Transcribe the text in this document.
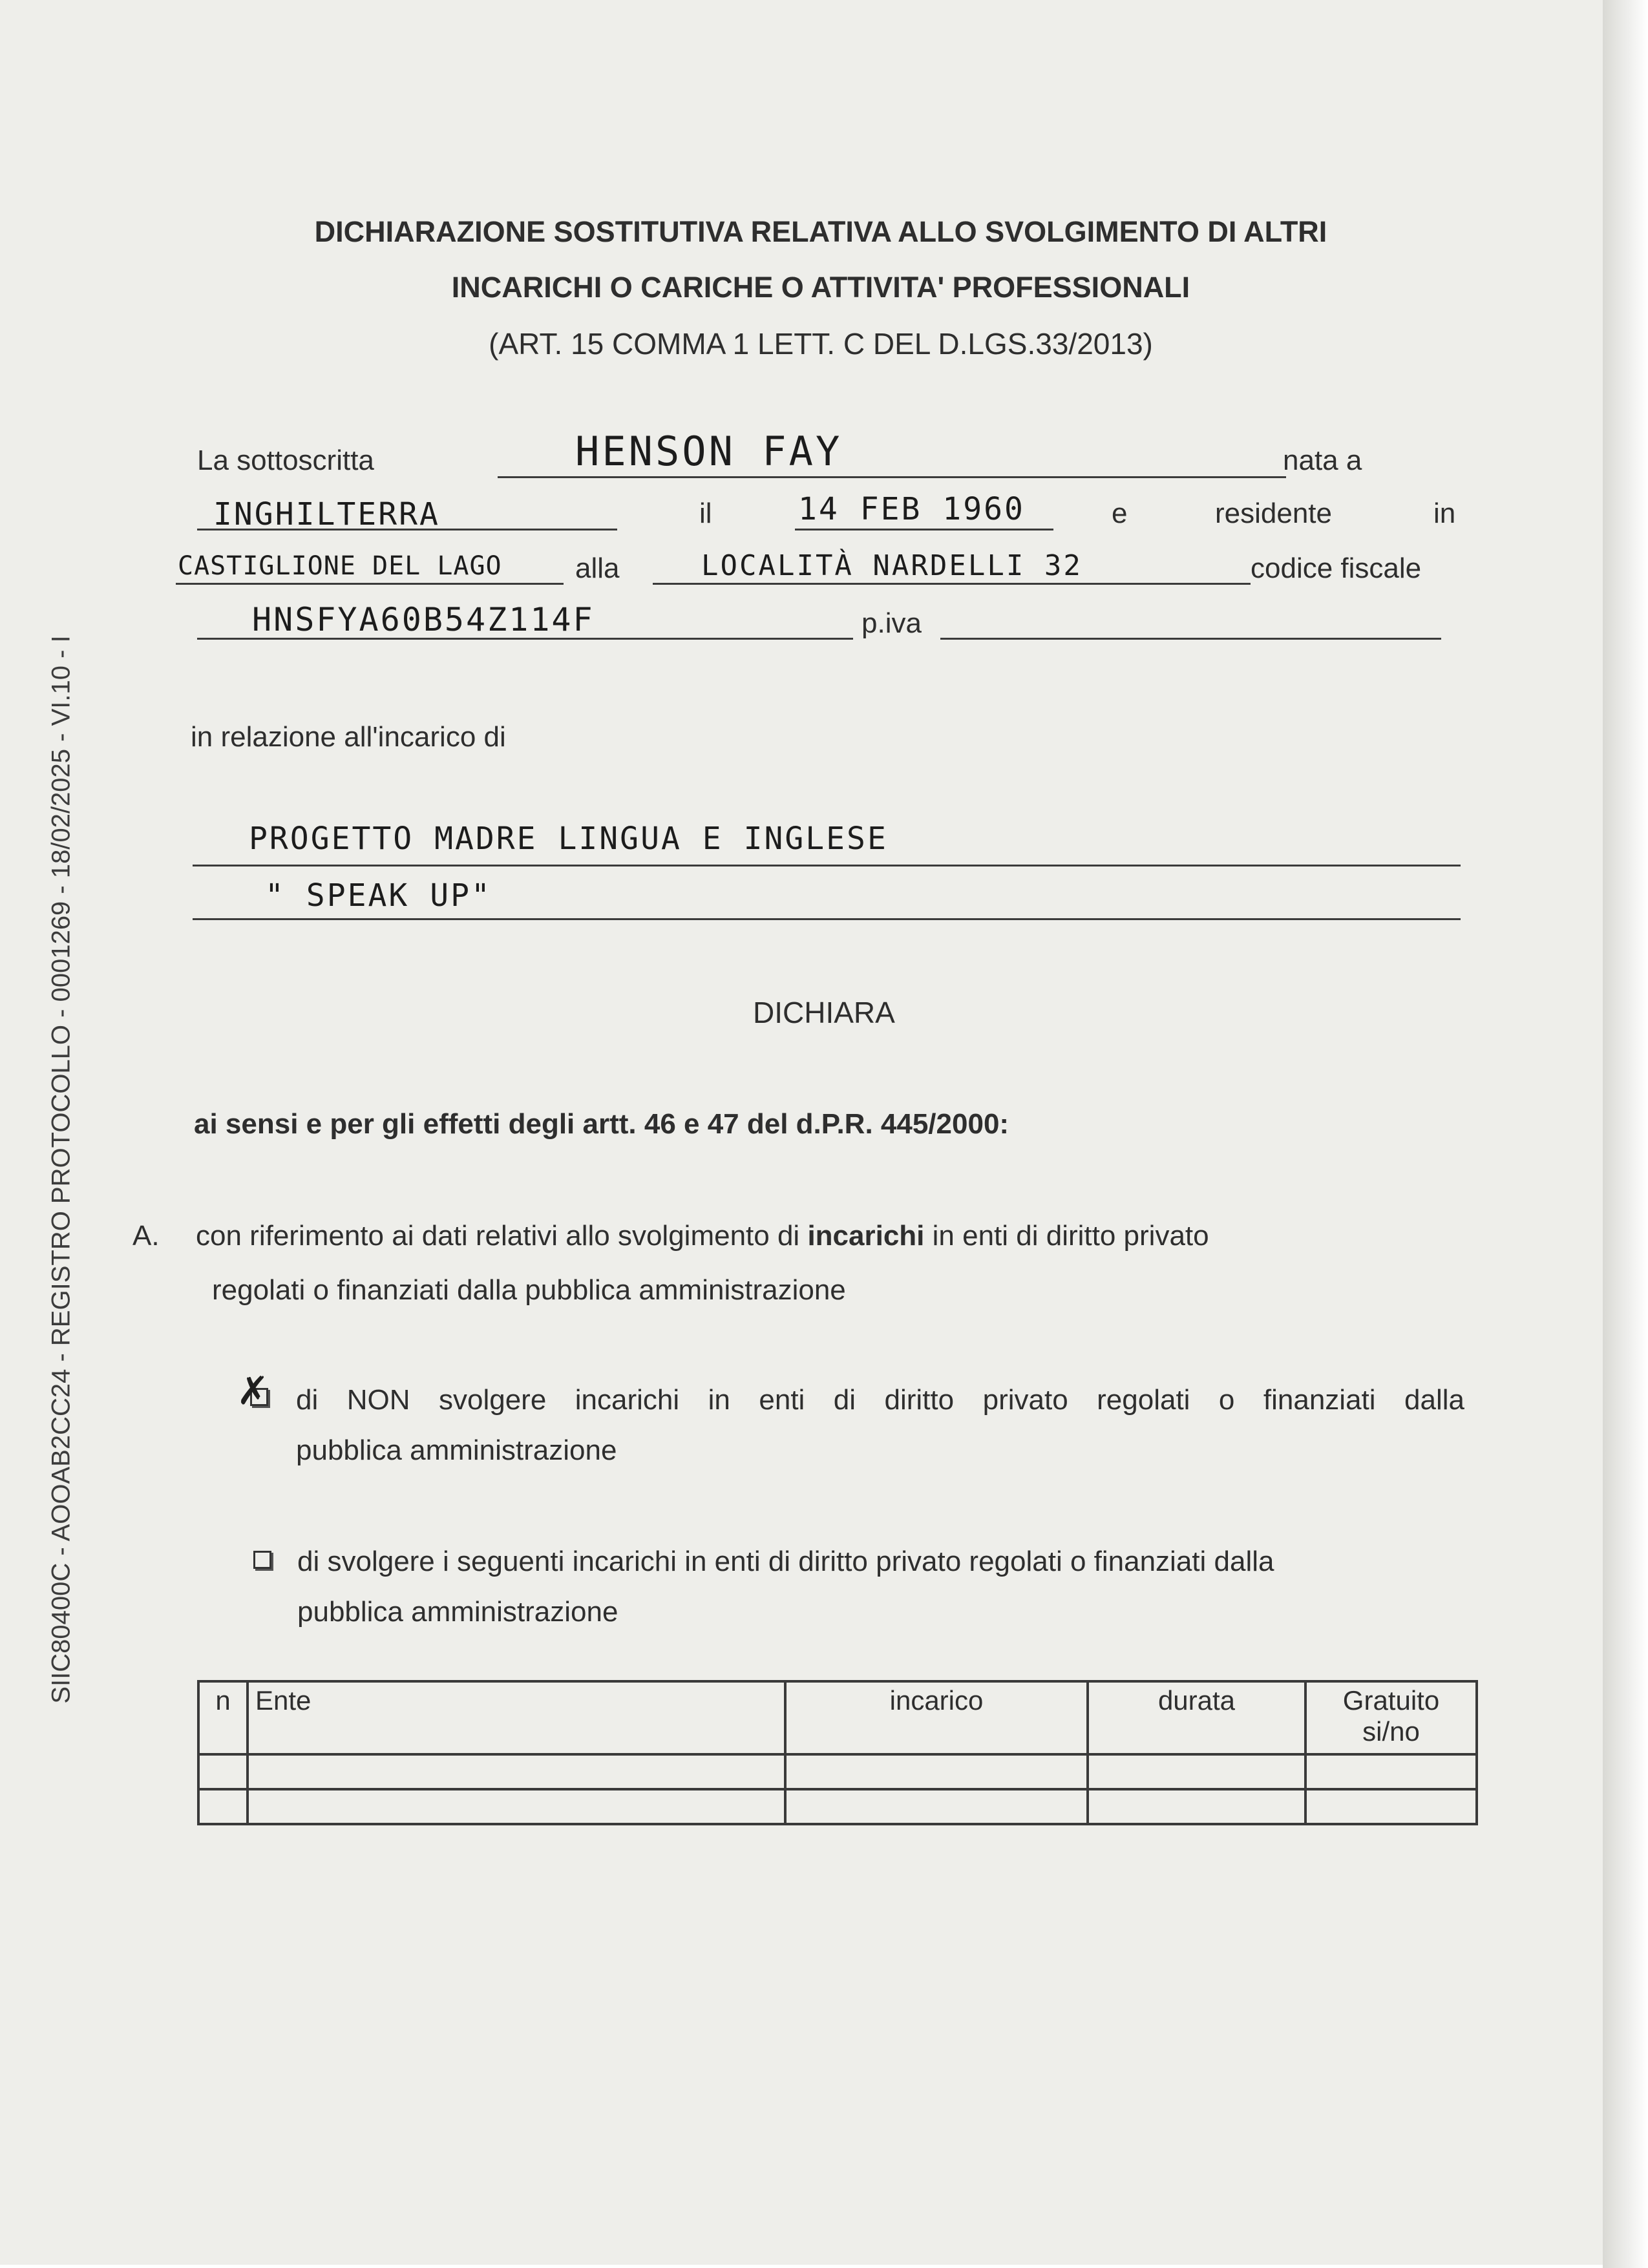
SIIC80400C - AOOAB2CC24 - REGISTRO PROTOCOLLO - 0001269 - 18/02/2025 - VI.10 - I
DICHIARAZIONE SOSTITUTIVA RELATIVA ALLO SVOLGIMENTO DI ALTRI
INCARICHI O CARICHE O ATTIVITA' PROFESSIONALI
(ART. 15 COMMA 1 LETT. C DEL D.LGS.33/2013)
La sottoscritta	HENSON FAY	nata a
INGHILTERRA	il	14 FEB 1960	e	residente	in
CASTIGLIONE DEL LAGO	alla	LOCALITÀ NARDELLI 32	codice fiscale
HNSFYA60B54Z114F	p.iva
in relazione all'incarico di
PROGETTO MADRE LINGUA E INGLESE
" SPEAK UP"
DICHIARA
ai sensi e per gli effetti degli artt. 46 e 47 del d.P.R. 445/2000:
A. con riferimento ai dati relativi allo svolgimento di incarichi in enti di diritto privato
regolati o finanziati dalla pubblica amministrazione
✗ di NON svolgere incarichi in enti di diritto privato regolati o finanziati dalla
pubblica amministrazione
di svolgere i seguenti incarichi in enti di diritto privato regolati o finanziati dalla
pubblica amministrazione
n	Ente	incarico	durata	Gratuito si/no
